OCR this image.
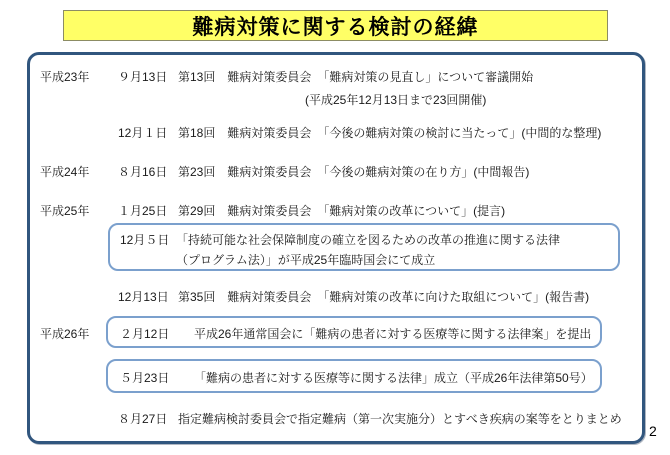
難病対策に関する検討の経緯
平成23年 ９月13日 第13回　難病対策委員会　「難病対策の見直し」について審議開始
(平成25年12月13日まで23回開催)
12月１日 第18回　難病対策委員会　「今後の難病対策の検討に当たって」(中間的な整理)
平成24年 ８月16日 第23回　難病対策委員会　「今後の難病対策の在り方」(中間報告)
平成25年 １月25日 第29回　難病対策委員会　「難病対策の改革について」(提言)
12月５日 「持続可能な社会保障制度の確立を図るための改革の推進に関する法律
（プログラム法）」が平成25年臨時国会にて成立
12月13日 第35回　難病対策委員会　「難病対策の改革に向けた取組について」(報告書)
平成26年	２月12日 平成26年通常国会に「難病の患者に対する医療等に関する法律案」を提出
５月23日 「難病の患者に対する医療等に関する法律」成立（平成26年法律第50号）
８月27日 指定難病検討委員会で指定難病（第一次実施分）とすべき疾病の案等をとりまとめ
2
